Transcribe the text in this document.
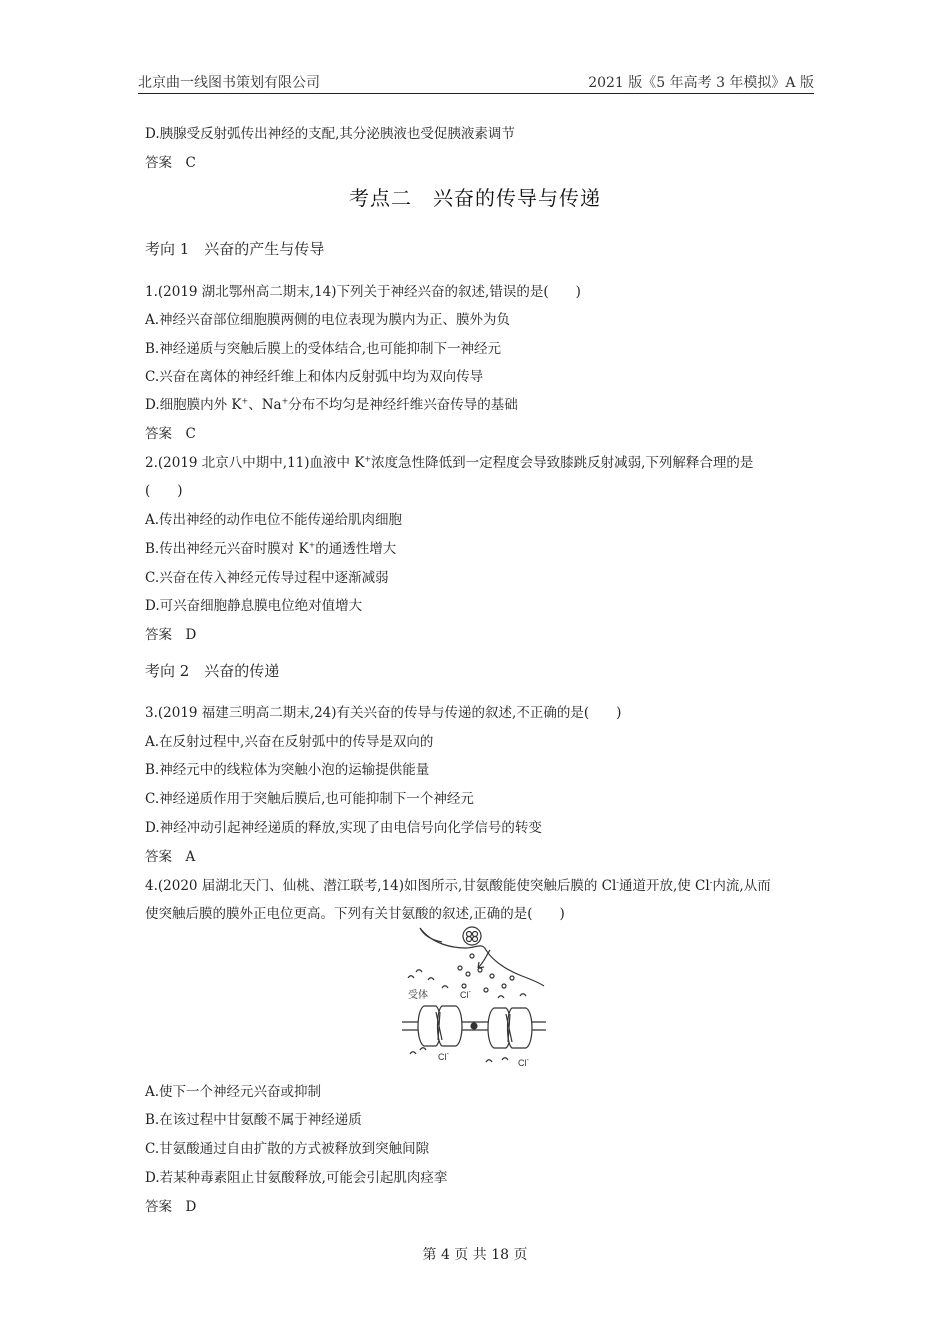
北京曲一线图书策划有限公司	2021 版《5 年高考 3 年模拟》A 版
D.胰腺受反射弧传出神经的支配,其分泌胰液也受促胰液素调节
答案　C
考点二　兴奋的传导与传递
考向 1　兴奋的产生与传导
1.(2019 湖北鄂州高二期末,14)下列关于神经兴奋的叙述,错误的是(　　)
A.神经兴奋部位细胞膜两侧的电位表现为膜内为正、膜外为负
B.神经递质与突触后膜上的受体结合,也可能抑制下一神经元
C.兴奋在离体的神经纤维上和体内反射弧中均为双向传导
D.细胞膜内外 K+、Na+分布不均匀是神经纤维兴奋传导的基础
答案　C
2.(2019 北京八中期中,11)血液中 K+浓度急性降低到一定程度会导致膝跳反射减弱,下列解释合理的是
(　　)
A.传出神经的动作电位不能传递给肌肉细胞
B.传出神经元兴奋时膜对 K+的通透性增大
C.兴奋在传入神经元传导过程中逐渐减弱
D.可兴奋细胞静息膜电位绝对值增大
答案　D
考向 2　兴奋的传递
3.(2019 福建三明高二期末,24)有关兴奋的传导与传递的叙述,不正确的是(　　)
A.在反射过程中,兴奋在反射弧中的传导是双向的
B.神经元中的线粒体为突触小泡的运输提供能量
C.神经递质作用于突触后膜后,也可能抑制下一个神经元
D.神经冲动引起神经递质的释放,实现了由电信号向化学信号的转变
答案　A
4.(2020 届湖北天门、仙桃、潜江联考,14)如图所示,甘氨酸能使突触后膜的 Cl-通道开放,使 Cl-内流,从而
使突触后膜的膜外正电位更高。下列有关甘氨酸的叙述,正确的是(　　)
受体	Cl-
Cl-
Cl-
A.使下一个神经元兴奋或抑制
B.在该过程中甘氨酸不属于神经递质
C.甘氨酸通过自由扩散的方式被释放到突触间隙
D.若某种毒素阻止甘氨酸释放,可能会引起肌肉痉挛
答案　D
第 4 页 共 18 页
